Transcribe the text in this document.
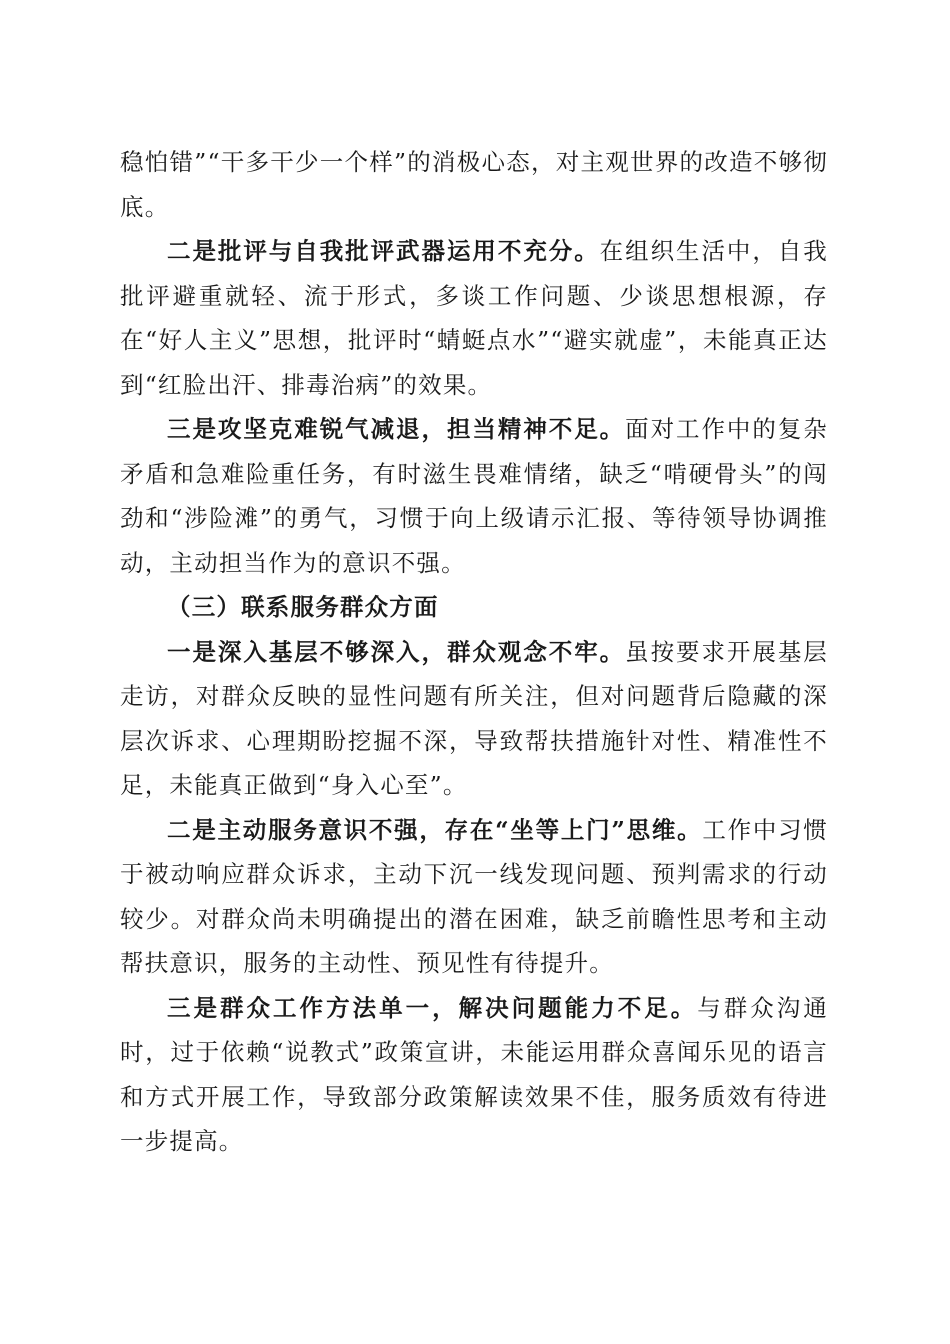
稳怕错”“干多干少一个样”的消极心态，对主观世界的改造不够彻底。

二是批评与自我批评武器运用不充分。在组织生活中，自我批评避重就轻、流于形式，多谈工作问题、少谈思想根源，存在“好人主义”思想，批评时“蜻蜓点水”“避实就虚”，未能真正达到“红脸出汗、排毒治病”的效果。

三是攻坚克难锐气减退，担当精神不足。面对工作中的复杂矛盾和急难险重任务，有时滋生畏难情绪，缺乏“啃硬骨头”的闯劲和“涉险滩”的勇气，习惯于向上级请示汇报、等待领导协调推动，主动担当作为的意识不强。

（三）联系服务群众方面

一是深入基层不够深入，群众观念不牢。虽按要求开展基层走访，对群众反映的显性问题有所关注，但对问题背后隐藏的深层次诉求、心理期盼挖掘不深，导致帮扶措施针对性、精准性不足，未能真正做到“身入心至”。

二是主动服务意识不强，存在“坐等上门”思维。工作中习惯于被动响应群众诉求，主动下沉一线发现问题、预判需求的行动较少。对群众尚未明确提出的潜在困难，缺乏前瞻性思考和主动帮扶意识，服务的主动性、预见性有待提升。

三是群众工作方法单一，解决问题能力不足。与群众沟通时，过于依赖“说教式”政策宣讲，未能运用群众喜闻乐见的语言和方式开展工作，导致部分政策解读效果不佳，服务质效有待进一步提高。
